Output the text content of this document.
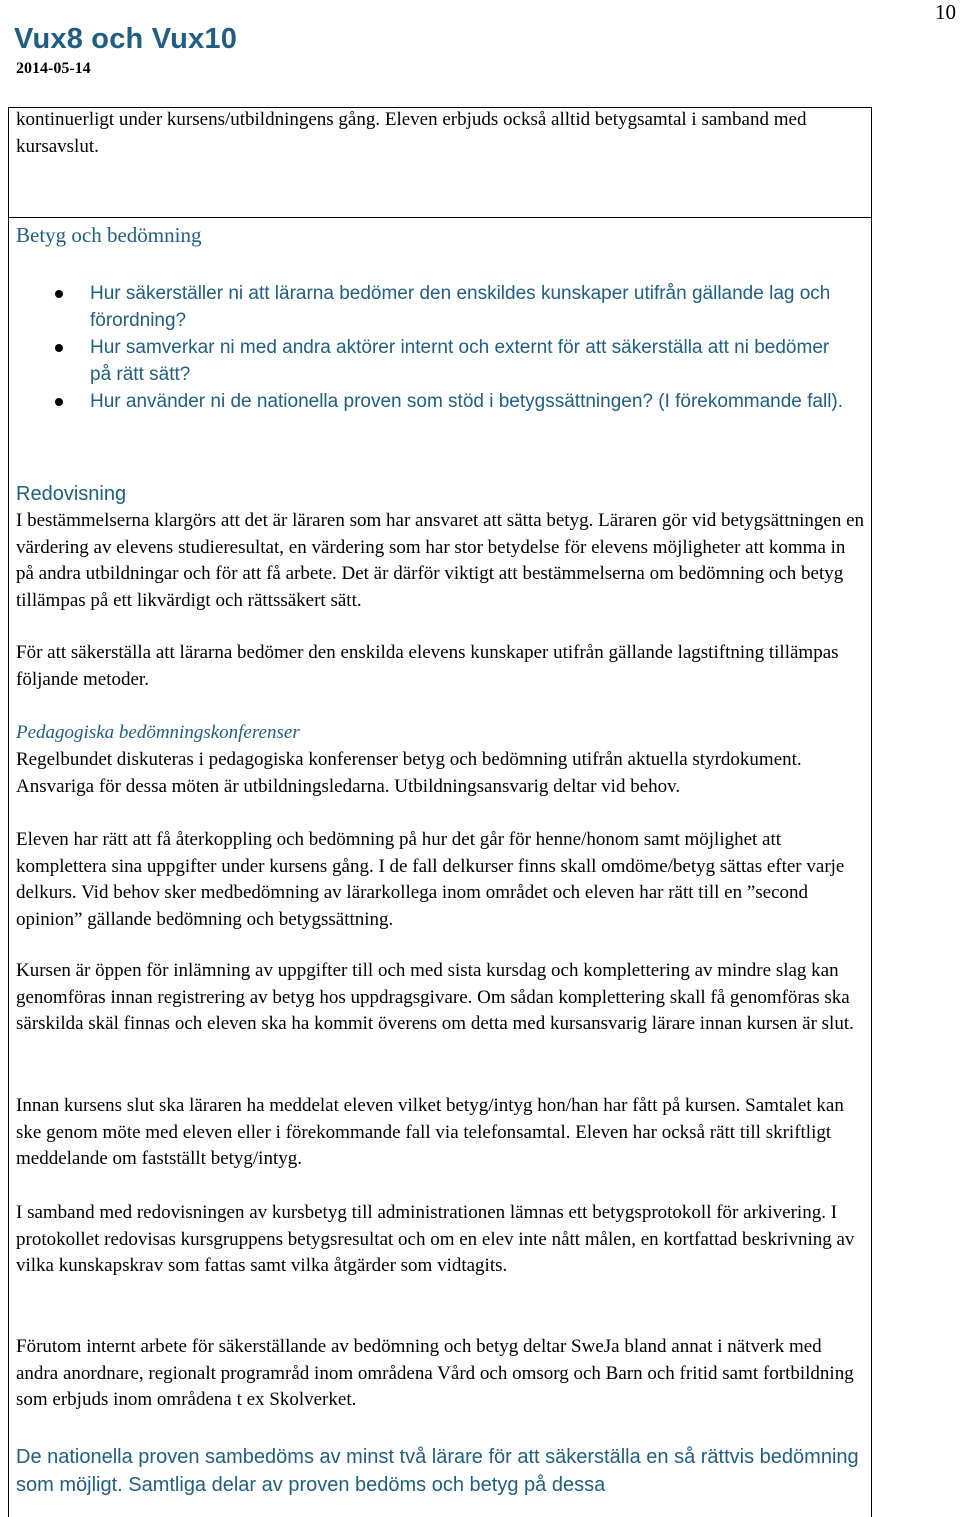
10
Vux8 och Vux10
2014-05-14
kontinuerligt under kursens/utbildningens gång. Eleven erbjuds också alltid betygsamtal i samband med kursavslut.
Betyg och bedömning
Hur säkerställer ni att lärarna bedömer den enskildes kunskaper utifrån gällande lag och förordning?
Hur samverkar ni med andra aktörer internt och externt för att säkerställa att ni bedömer på rätt sätt?
Hur använder ni de nationella proven som stöd i betygssättningen? (I förekommande fall).
Redovisning
I bestämmelserna klargörs att det är läraren som har ansvaret att sätta betyg. Läraren gör vid betygsättningen en värdering av elevens studieresultat, en värdering som har stor betydelse för elevens möjligheter att komma in på andra utbildningar och för att få arbete. Det är därför viktigt att bestämmelserna om bedömning och betyg tillämpas på ett likvärdigt och rättssäkert sätt.
För att säkerställa att lärarna bedömer den enskilda elevens kunskaper utifrån gällande lagstiftning tillämpas följande metoder.
Pedagogiska bedömningskonferenser
Regelbundet diskuteras i pedagogiska konferenser betyg och bedömning utifrån aktuella styrdokument. Ansvariga för dessa möten är utbildningsledarna. Utbildningsansvarig deltar vid behov.
Eleven har rätt att få återkoppling och bedömning på hur det går för henne/honom samt möjlighet att komplettera sina uppgifter under kursens gång. I de fall delkurser finns skall omdöme/betyg sättas efter varje delkurs. Vid behov sker medbedömning av lärarkollega inom området och eleven har rätt till en ”second opinion” gällande bedömning och betygssättning.
Kursen är öppen för inlämning av uppgifter till och med sista kursdag och komplettering av mindre slag kan genomföras innan registrering av betyg hos uppdragsgivare. Om sådan komplettering skall få genomföras ska särskilda skäl finnas och eleven ska ha kommit överens om detta med kursansvarig lärare innan kursen är slut.
Innan kursens slut ska läraren ha meddelat eleven vilket betyg/intyg hon/han har fått på kursen. Samtalet kan ske genom möte med eleven eller i förekommande fall via telefonsamtal. Eleven har också rätt till skriftligt meddelande om fastställt betyg/intyg.
I samband med redovisningen av kursbetyg till administrationen lämnas ett betygsprotokoll för arkivering. I protokollet redovisas kursgruppens betygsresultat och om en elev inte nått målen, en kortfattad beskrivning av vilka kunskapskrav som fattas samt vilka åtgärder som vidtagits.
Förutom internt arbete för säkerställande av bedömning och betyg deltar SweJa bland annat i nätverk med andra anordnare, regionalt programråd inom områdena Vård och omsorg och Barn och fritid samt fortbildning som erbjuds inom områdena t ex Skolverket.
De nationella proven sambedöms av minst två lärare för att säkerställa en så rättvis bedömning som möjligt. Samtliga delar av proven bedöms och betyg på dessa
